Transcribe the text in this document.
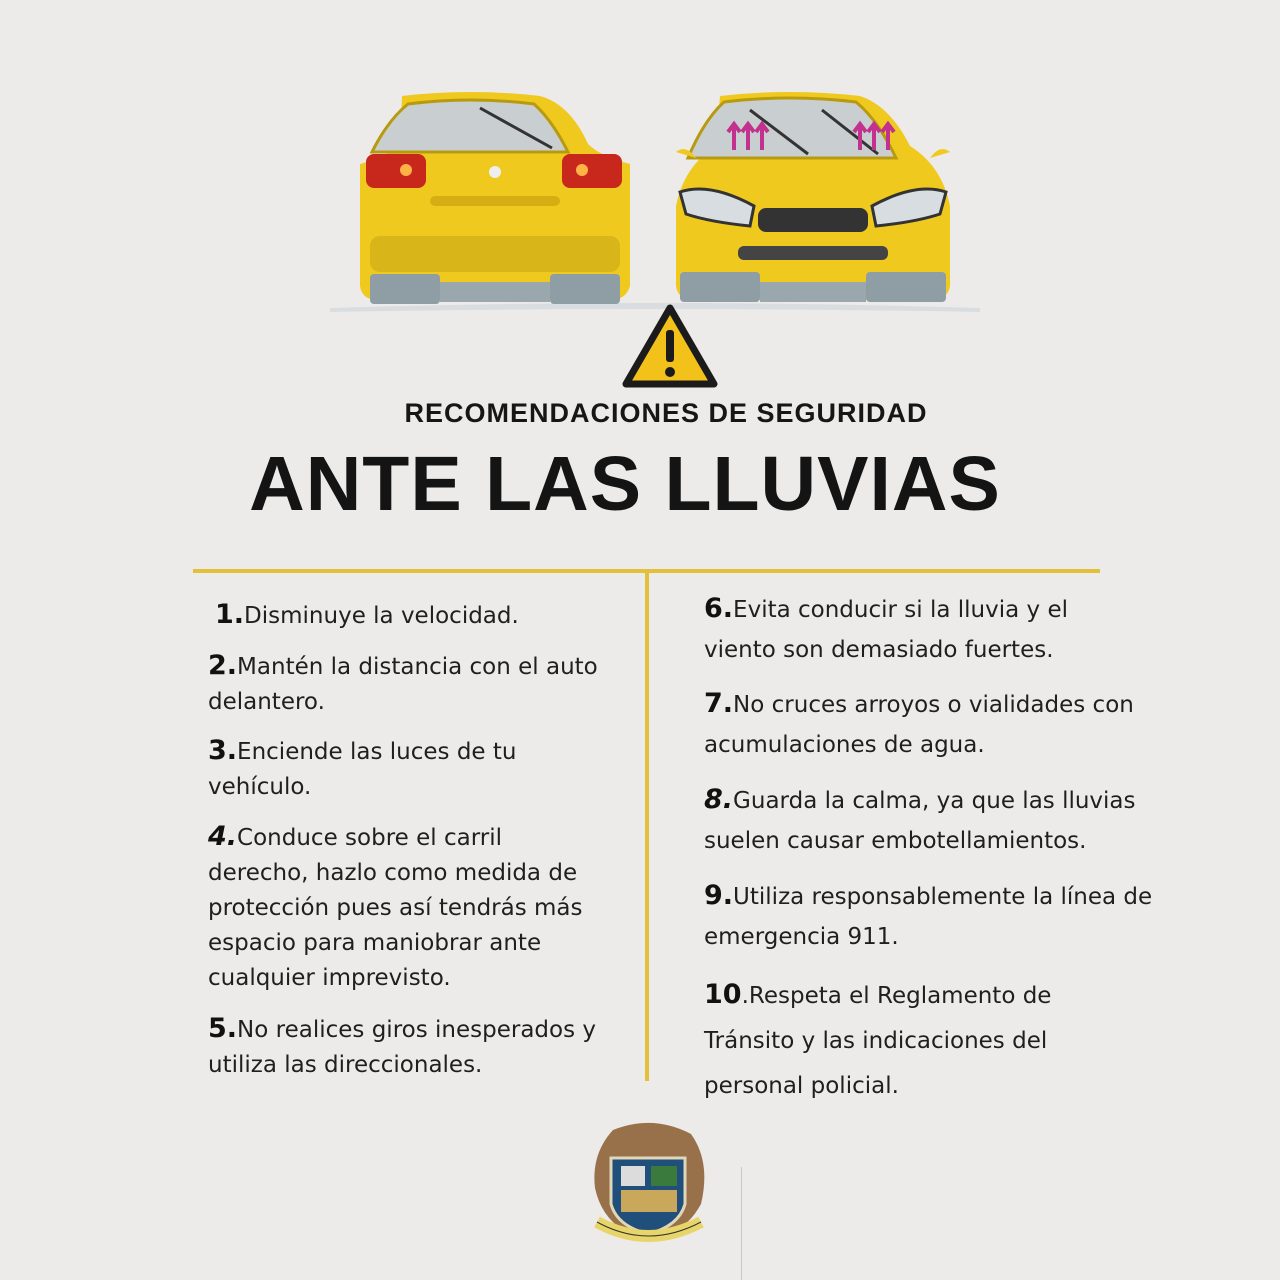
RECOMENDACIONES DE SEGURIDAD
ANTE LAS LLUVIAS
1.Disminuye la velocidad.
2.Mantén la distancia con el auto delantero.
3.Enciende las luces de tu vehículo.
4.Conduce sobre el carril derecho, hazlo como medida de protección pues así tendrás más espacio para maniobrar ante cualquier imprevisto.
5.No realices giros inesperados y utiliza las direccionales.
6.Evita conducir si la lluvia y el viento son demasiado fuertes.
7.No cruces arroyos o vialidades con acumulaciones de agua.
8.Guarda la calma, ya que las lluvias suelen causar embotellamientos.
9.Utiliza responsablemente la línea de emergencia 911.
10.Respeta el Reglamento de Tránsito y las indicaciones del personal policial.
